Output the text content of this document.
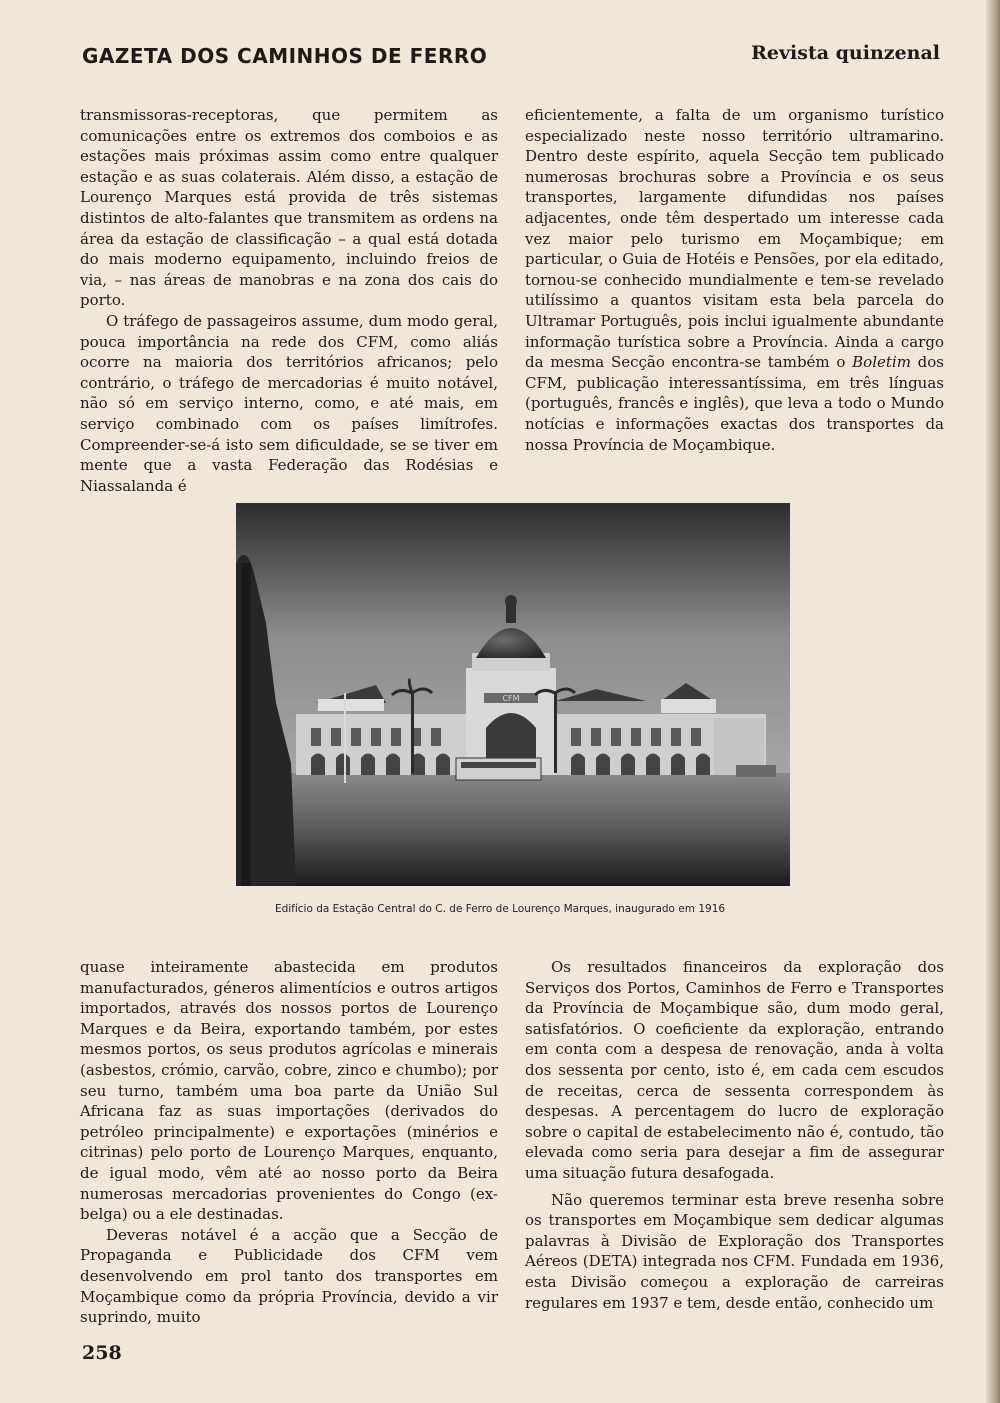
GAZETA DOS CAMINHOS DE FERRO	Revista quinzenal

transmissoras-receptoras, que permitem as comunicações entre os extremos dos comboios e as estações mais próximas assim como entre qualquer estação e as suas colaterais. Além disso, a estação de Lourenço Marques está provida de três sistemas distintos de alto-falantes que transmitem as ordens na área da estação de classificação – a qual está dotada do mais moderno equipamento, incluindo freios de via, – nas áreas de manobras e na zona dos cais do porto.

O tráfego de passageiros assume, dum modo geral, pouca importância na rede dos CFM, como aliás ocorre na maioria dos territórios africanos; pelo contrário, o tráfego de mercadorias é muito notável, não só em serviço interno, como, e até mais, em serviço combinado com os países limítrofes. Compreender-se-á isto sem dificuldade, se se tiver em mente que a vasta Federação das Rodésias e Niassalanda é

eficientemente, a falta de um organismo turístico especializado neste nosso território ultramarino. Dentro deste espírito, aquela Secção tem publicado numerosas brochuras sobre a Província e os seus transportes, largamente difundidas nos países adjacentes, onde têm despertado um interesse cada vez maior pelo turismo em Moçambique; em particular, o Guia de Hotéis e Pensões, por ela editado, tornou-se conhecido mundialmente e tem-se revelado utilíssimo a quantos visitam esta bela parcela do Ultramar Português, pois inclui igualmente abundante informação turística sobre a Província. Ainda a cargo da mesma Secção encontra-se também o Boletim dos CFM, publicação interessantíssima, em três línguas (português, francês e inglês), que leva a todo o Mundo notícias e informações exactas dos transportes da nossa Província de Moçambique.

CFM
Edifício da Estação Central do C. de Ferro de Lourenço Marques, inaugurado em 1916

quase inteiramente abastecida em produtos manufacturados, géneros alimentícios e outros artigos importados, através dos nossos portos de Lourenço Marques e da Beira, exportando também, por estes mesmos portos, os seus produtos agrícolas e minerais (asbestos, crómio, carvão, cobre, zinco e chumbo); por seu turno, também uma boa parte da União Sul Africana faz as suas importações (derivados do petróleo principalmente) e exportações (minérios e citrinas) pelo porto de Lourenço Marques, enquanto, de igual modo, vêm até ao nosso porto da Beira numerosas mercadorias provenientes do Congo (ex-belga) ou a ele destinadas.

Deveras notável é a acção que a Secção de Propaganda e Publicidade dos CFM vem desenvolvendo em prol tanto dos transportes em Moçambique como da própria Província, devido a vir suprindo, muito

Os resultados financeiros da exploração dos Serviços dos Portos, Caminhos de Ferro e Transportes da Província de Moçambique são, dum modo geral, satisfatórios. O coeficiente da exploração, entrando em conta com a despesa de renovação, anda à volta dos sessenta por cento, isto é, em cada cem escudos de receitas, cerca de sessenta correspondem às despesas. A percentagem do lucro de exploração sobre o capital de estabelecimento não é, contudo, tão elevada como seria para desejar a fim de assegurar uma situação futura desafogada.

Não queremos terminar esta breve resenha sobre os transportes em Moçambique sem dedicar algumas palavras à Divisão de Exploração dos Transportes Aéreos (DETA) integrada nos CFM. Fundada em 1936, esta Divisão começou a exploração de carreiras regulares em 1937 e tem, desde então, conhecido um

258
